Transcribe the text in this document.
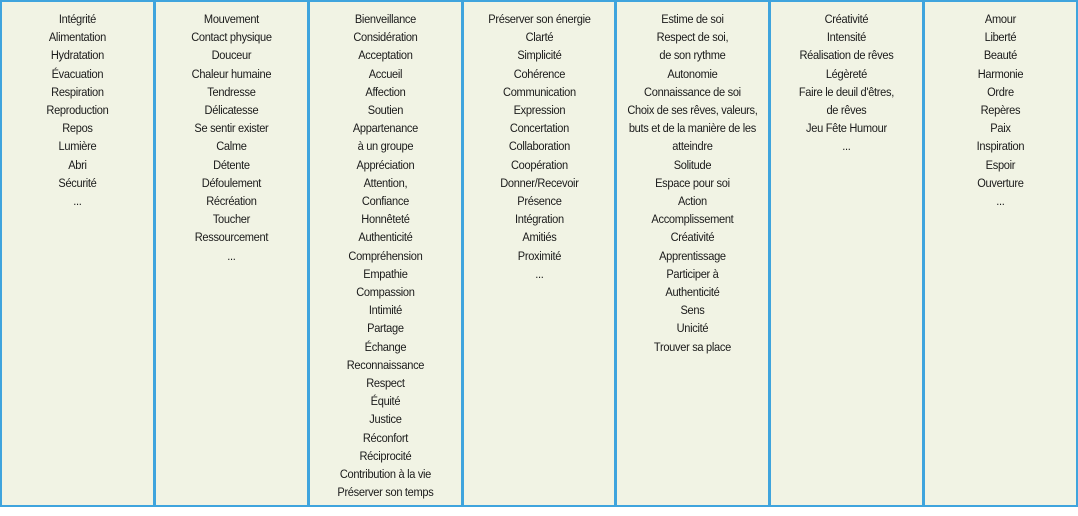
Intégrité
Alimentation
Hydratation
Évacuation
Respiration
Reproduction
Repos
Lumière
Abri
Sécurité
...
Mouvement
Contact physique
Douceur
Chaleur humaine
Tendresse
Délicatesse
Se sentir exister
Calme
Détente
Défoulement
Récréation
Toucher
Ressourcement
...
Bienveillance
Considération
Acceptation
Accueil
Affection
Soutien
Appartenance
à un groupe
Appréciation
Attention,
Confiance
Honnêteté
Authenticité
Compréhension
Empathie
Compassion
Intimité
Partage
Échange
Reconnaissance
Respect
Équité
Justice
Réconfort
Réciprocité
Contribution à la vie
Préserver son temps
Préserver son énergie
Clarté
Simplicité
Cohérence
Communication
Expression
Concertation
Collaboration
Coopération
Donner/Recevoir
Présence
Intégration
Amitiés
Proximité
...
Estime de soi
Respect de soi,
de son rythme
Autonomie
Connaissance de soi
Choix de ses rêves, valeurs,
buts et de la manière de les
atteindre
Solitude
Espace pour soi
Action
Accomplissement
Créativité
Apprentissage
Participer à
Authenticité
Sens
Unicité
Trouver sa place
Créativité
Intensité
Réalisation de rêves
Légèreté
Faire le deuil d'êtres,
de rêves
Jeu Fête Humour
...
Amour
Liberté
Beauté
Harmonie
Ordre
Repères
Paix
Inspiration
Espoir
Ouverture
...
